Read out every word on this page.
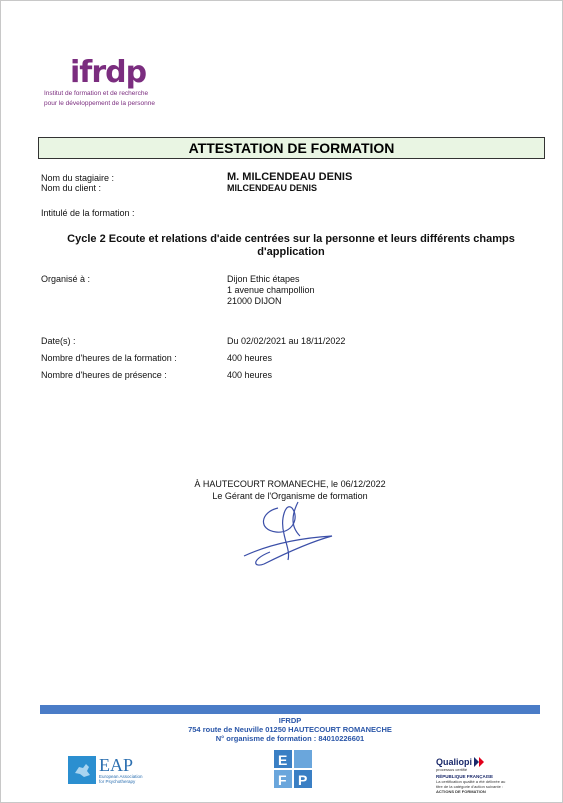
ifrdp
Institut de formation et de recherche
pour le développement de la personne
ATTESTATION DE FORMATION
Nom du stagiaire :	M. MILCENDEAU DENIS
Nom du client :	MILCENDEAU DENIS
Intitulé de la formation :
Cycle 2 Ecoute et relations d'aide centrées sur la personne et leurs différents champs
d'application
Organisé à :	Dijon Ethic étapes
1 avenue champollion
21000 DIJON
Date(s) :	Du 02/02/2021 au 18/11/2022
Nombre d'heures de la formation :	400 heures
Nombre d'heures de présence :	400 heures
À HAUTECOURT ROMANECHE, le 06/12/2022
Le Gérant de l'Organisme de formation
IFRDP
754 route de Neuville 01250 HAUTECOURT ROMANECHE
N° organisme de formation : 84010226601
EAP
European Association
for Psychotherapy
E
P
F
Qualiopi
processus certifié
RÉPUBLIQUE FRANÇAISE
La certification qualité a été délivrée au titre de la catégorie d'action suivante :
ACTIONS DE FORMATION
